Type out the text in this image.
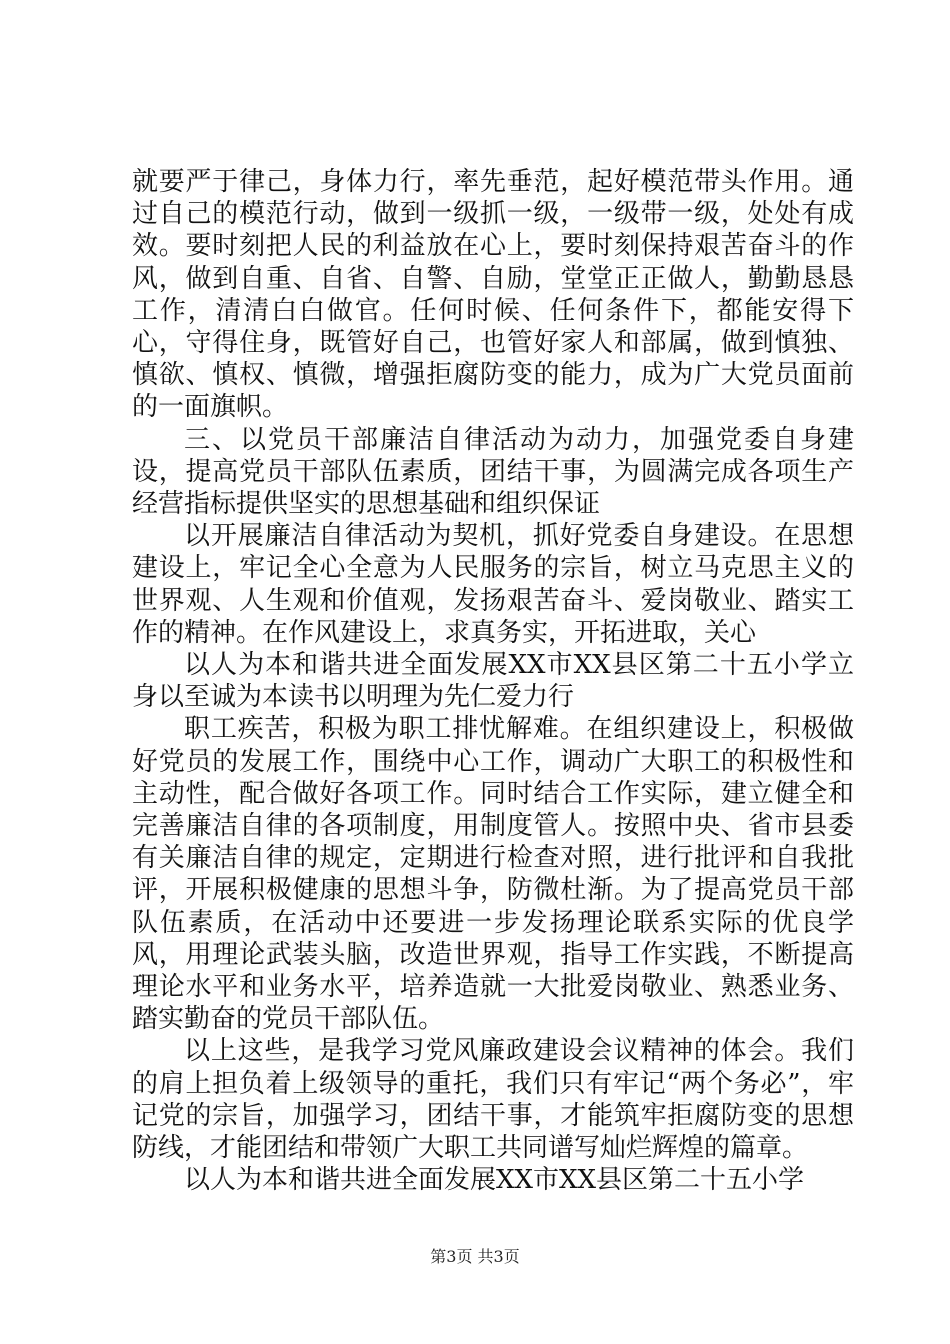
就要严于律己，身体力行，率先垂范，起好模范带头作用。通过自己的模范行动，做到一级抓一级，一级带一级，处处有成效。要时刻把人民的利益放在心上，要时刻保持艰苦奋斗的作风，做到自重、自省、自警、自励，堂堂正正做人，勤勤恳恳工作，清清白白做官。任何时候、任何条件下，都能安得下心，守得住身，既管好自己，也管好家人和部属，做到慎独、慎欲、慎权、慎微，增强拒腐防变的能力，成为广大党员面前的一面旗帜。

三、以党员干部廉洁自律活动为动力，加强党委自身建设，提高党员干部队伍素质，团结干事，为圆满完成各项生产经营指标提供坚实的思想基础和组织保证

以开展廉洁自律活动为契机，抓好党委自身建设。在思想建设上，牢记全心全意为人民服务的宗旨，树立马克思主义的世界观、人生观和价值观，发扬艰苦奋斗、爱岗敬业、踏实工作的精神。在作风建设上，求真务实，开拓进取，关心

以人为本和谐共进全面发展XX市XX县区第二十五小学立身以至诚为本读书以明理为先仁爱力行

职工疾苦，积极为职工排忧解难。在组织建设上，积极做好党员的发展工作，围绕中心工作，调动广大职工的积极性和主动性，配合做好各项工作。同时结合工作实际，建立健全和完善廉洁自律的各项制度，用制度管人。按照中央、省市县委有关廉洁自律的规定，定期进行检查对照，进行批评和自我批评，开展积极健康的思想斗争，防微杜渐。为了提高党员干部队伍素质，在活动中还要进一步发扬理论联系实际的优良学风，用理论武装头脑，改造世界观，指导工作实践，不断提高理论水平和业务水平，培养造就一大批爱岗敬业、熟悉业务、踏实勤奋的党员干部队伍。

以上这些，是我学习党风廉政建设会议精神的体会。我们的肩上担负着上级领导的重托，我们只有牢记“两个务必”，牢记党的宗旨，加强学习，团结干事，才能筑牢拒腐防变的思想防线，才能团结和带领广大职工共同谱写灿烂辉煌的篇章。

以人为本和谐共进全面发展XX市XX县区第二十五小学

第3页 共3页
